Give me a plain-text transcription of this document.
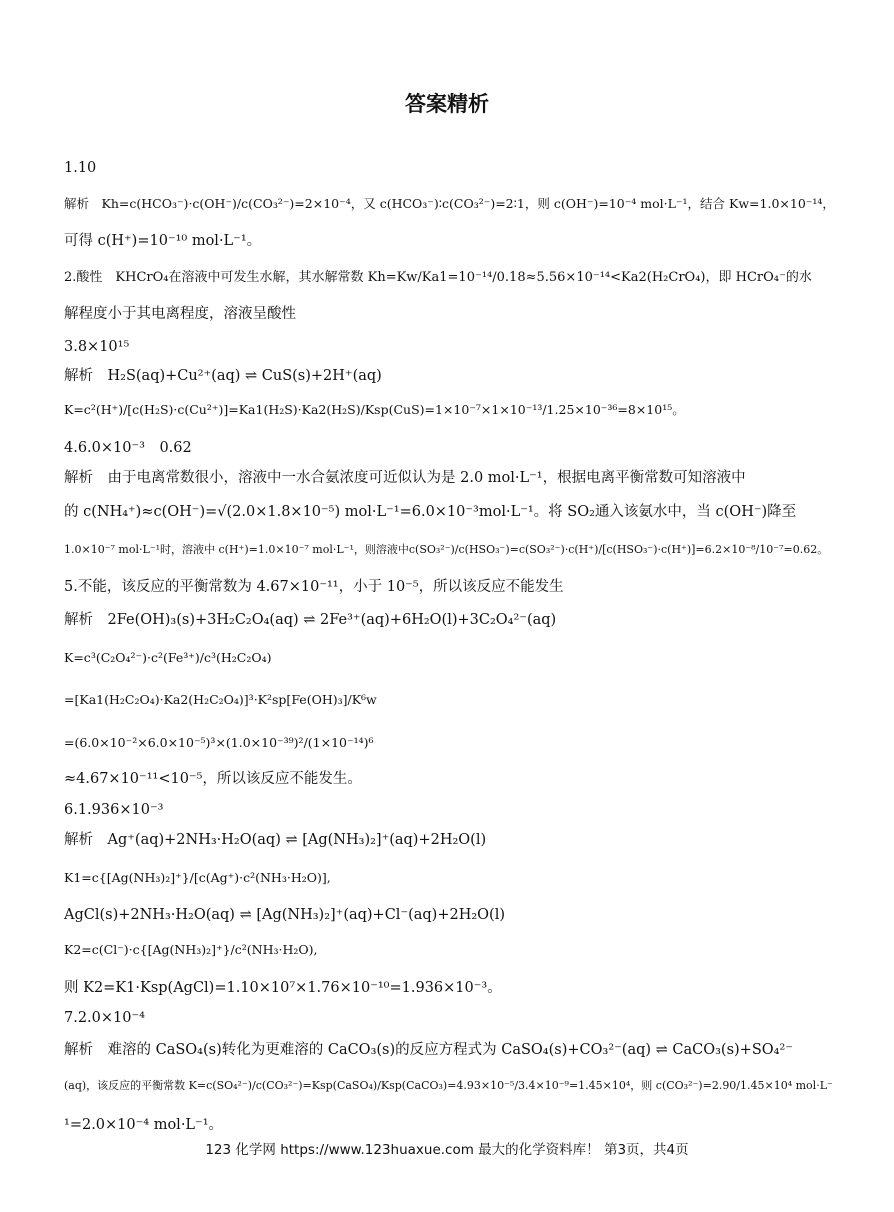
答案精析
1.10
解析　Kh=c(HCO₃⁻)·c(OH⁻)/c(CO₃²⁻)=2×10⁻⁴，又 c(HCO₃⁻)∶c(CO₃²⁻)=2∶1，则 c(OH⁻)=10⁻⁴ mol·L⁻¹，结合 Kw=1.0×10⁻¹⁴，
可得 c(H⁺)=10⁻¹⁰ mol·L⁻¹。
2.酸性　KHCrO₄在溶液中可发生水解，其水解常数 Kh=Kw/Ka1=10⁻¹⁴/0.18≈5.56×10⁻¹⁴<Ka2(H₂CrO₄)，即 HCrO₄⁻的水
解程度小于其电离程度，溶液呈酸性
3.8×10¹⁵
解析　H₂S(aq)+Cu²⁺(aq) ⇌ CuS(s)+2H⁺(aq)
K=c²(H⁺)/[c(H₂S)·c(Cu²⁺)]=Ka1(H₂S)·Ka2(H₂S)/Ksp(CuS)=1×10⁻⁷×1×10⁻¹³/1.25×10⁻³⁶=8×10¹⁵。
4.6.0×10⁻³　0.62
解析　由于电离常数很小，溶液中一水合氨浓度可近似认为是 2.0 mol·L⁻¹，根据电离平衡常数可知溶液中
的 c(NH₄⁺)≈c(OH⁻)=√(2.0×1.8×10⁻⁵) mol·L⁻¹=6.0×10⁻³mol·L⁻¹。将 SO₂通入该氨水中，当 c(OH⁻)降至
1.0×10⁻⁷ mol·L⁻¹时，溶液中 c(H⁺)=1.0×10⁻⁷ mol·L⁻¹，则溶液中c(SO₃²⁻)/c(HSO₃⁻)=c(SO₃²⁻)·c(H⁺)/[c(HSO₃⁻)·c(H⁺)]=6.2×10⁻⁸/10⁻⁷=0.62。
5.不能，该反应的平衡常数为 4.67×10⁻¹¹，小于 10⁻⁵，所以该反应不能发生
解析　2Fe(OH)₃(s)+3H₂C₂O₄(aq) ⇌ 2Fe³⁺(aq)+6H₂O(l)+3C₂O₄²⁻(aq)
K=c³(C₂O₄²⁻)·c²(Fe³⁺)/c³(H₂C₂O₄)
=[Ka1(H₂C₂O₄)·Ka2(H₂C₂O₄)]³·K²sp[Fe(OH)₃]/K⁶w
=(6.0×10⁻²×6.0×10⁻⁵)³×(1.0×10⁻³⁹)²/(1×10⁻¹⁴)⁶
≈4.67×10⁻¹¹<10⁻⁵，所以该反应不能发生。
6.1.936×10⁻³
解析　Ag⁺(aq)+2NH₃·H₂O(aq) ⇌ [Ag(NH₃)₂]⁺(aq)+2H₂O(l)
K1=c{[Ag(NH₃)₂]⁺}/[c(Ag⁺)·c²(NH₃·H₂O)],
AgCl(s)+2NH₃·H₂O(aq) ⇌ [Ag(NH₃)₂]⁺(aq)+Cl⁻(aq)+2H₂O(l)
K2=c(Cl⁻)·c{[Ag(NH₃)₂]⁺}/c²(NH₃·H₂O),
则 K2=K1·Ksp(AgCl)=1.10×10⁷×1.76×10⁻¹⁰=1.936×10⁻³。
7.2.0×10⁻⁴
解析　难溶的 CaSO₄(s)转化为更难溶的 CaCO₃(s)的反应方程式为 CaSO₄(s)+CO₃²⁻(aq) ⇌ CaCO₃(s)+SO₄²⁻
(aq)，该反应的平衡常数 K=c(SO₄²⁻)/c(CO₃²⁻)=Ksp(CaSO₄)/Ksp(CaCO₃)=4.93×10⁻⁵/3.4×10⁻⁹=1.45×10⁴，则 c(CO₃²⁻)=2.90/1.45×10⁴ mol·L⁻
¹=2.0×10⁻⁴ mol·L⁻¹。
123 化学网 https://www.123huaxue.com 最大的化学资料库！ 第3页，共4页
